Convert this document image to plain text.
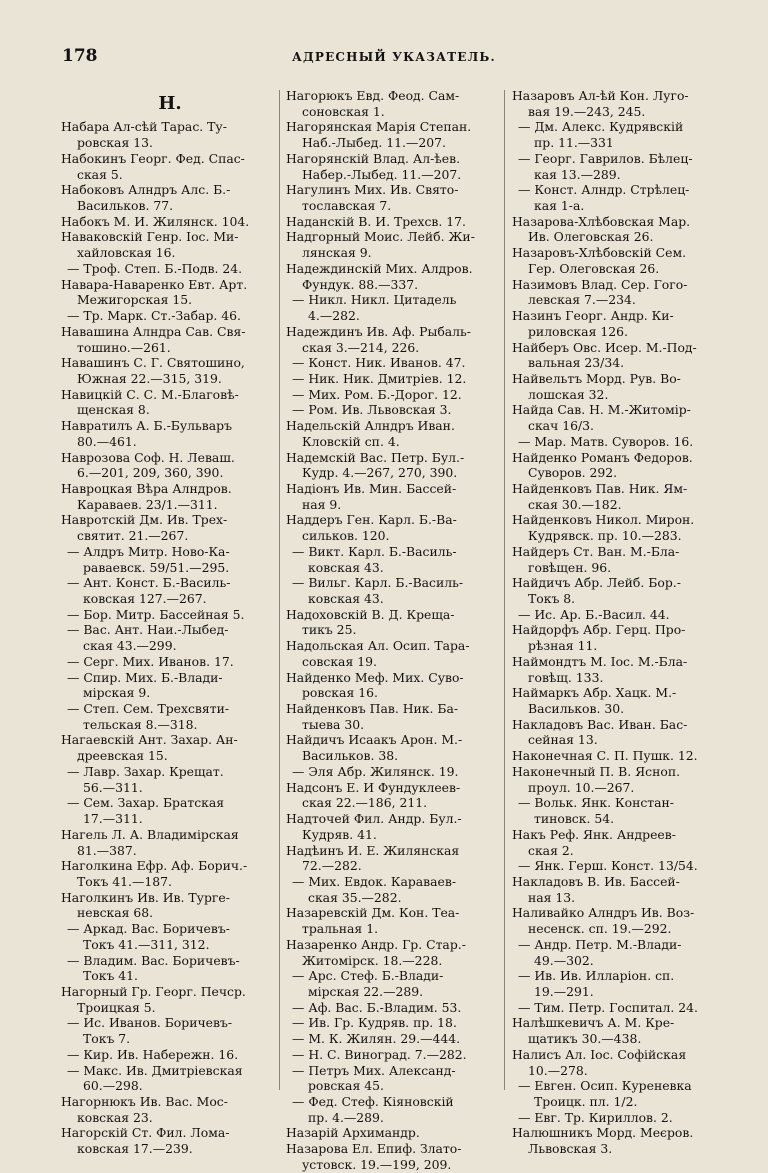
178	АДРЕСНЫЙ УКАЗАТЕЛЬ.
Н.

Набара Ал-сѣй Тарас. Ту-
ровская 13.

Набокинъ Георг. Фед. Спас-
ская 5.

Набоковъ Алндръ Алс. Б.-
Васильков. 77.

Набокъ М. И. Жилянск. 104.

Наваковскій Генр. Іос. Ми-
хайловская 16.

— Троф. Степ. Б.-Подв. 24.

Навара-Наваренко Евт. Арт.
Межигорская 15.

— Тр. Марк. Ст.-Забар. 46.

Навашина Алндра Сав. Свя-
тошино.—261.

Навашинъ С. Г. Святошино,
Южная 22.—315, 319.

Навицкій С. С. М.-Благовѣ-
щенская 8.

Навратилъ А. Б.-Бульваръ
80.—461.

Наврозова Соф. Н. Левaш.
6.—201, 209, 360, 390.

Навроцкая Вѣра Алндров.
Караваев. 23/1.—311.

Навротскій Дм. Ив. Трех-
святит. 21.—267.

— Алдръ Митр. Ново-Ка-
раваевск. 59/51.—295.

— Ант. Конст. Б.-Василь-
ковская 127.—267.

— Бор. Митр. Бассейная 5.

— Вас. Ант. Наи.-Лыбед-
ская 43.—299.

— Серг. Мих. Иванов. 17.

— Спир. Мих. Б.-Влади-
мірская 9.

— Степ. Сем. Трехсвяти-
тельская 8.—318.

Нагаевскій Ант. Захар. Ан-
дреевская 15.

— Лавр. Захар. Крещат.
56.—311.

— Сем. Захар. Братская
17.—311.

Нагель Л. А. Владимірская
81.—387.

Наголкина Ефр. Аф. Борич.-
Токъ 41.—187.

Наголкинъ Ив. Ив. Турге-
невская 68.

— Аркад. Вас. Боричевъ-
Токъ 41.—311, 312.

— Владим. Вас. Боричевъ-
Токъ 41.

Нагорный Гр. Георг. Печср.
Троицкая 5.

— Ис. Иванов. Боричевъ-
Токъ 7.

— Кир. Ив. Набережн. 16.

— Макс. Ив. Дмитріевская
60.—298.

Нагорнюкъ Ив. Вас. Мос-
ковская 23.

Нагорскій Ст. Фил. Лома-
ковская 17.—239.

Нагорюкъ Евд. Феод. Сам-
соновская 1.

Нагорянская Марія Степан.
Наб.-Лыбед. 11.—207.

Нагорянскій Влад. Ал-ѣев.
Набер.-Лыбед. 11.—207.

Нагулинъ Мих. Ив. Свято-
тославская 7.

Наданскій В. И. Трехсв. 17.

Надгорный Моис. Лейб. Жи-
лянская 9.

Надеждинскій Мих. Алдров.
Фундук. 88.—337.

— Никл. Никл. Цитадель
4.—282.

Надеждинъ Ив. Аф. Рыбаль-
ская 3.—214, 226.

— Конст. Ник. Иванов. 47.

— Ник. Ник. Дмитріев. 12.

— Мих. Ром. Б.-Дорог. 12.

— Ром. Ив. Львовская 3.

Надельскій Алндръ Иван.
Кловскій сп. 4.

Надемскій Вас. Петр. Бул.-
Кудр. 4.—267, 270, 390.

Надіонъ Ив. Мин. Бассей-
ная 9.

Наддеръ Ген. Карл. Б.-Ва-
сильков. 120.

— Викт. Карл. Б.-Василь-
ковская 43.

— Вильг. Карл. Б.-Василь-
ковская 43.

Надоховскій В. Д. Крещa-
тикъ 25.

Надольская Ал. Осип. Тара-
совская 19.

Найденко Меф. Мих. Суво-
ровская 16.

Найденковъ Пав. Ник. Ба-
тыева 30.

Найдичъ Исаакъ Арон. М.-
Васильков. 38.

— Эля Абр. Жилянск. 19.

Надсонъ Е. И Фундуклеев-
ская 22.—186, 211.

Надточей Фил. Андр. Бул.-
Кудряв. 41.

Надѣинъ И. Е. Жилянская
72.—282.

— Мих. Евдок. Караваев-
ская 35.—282.

Назаревскій Дм. Кон. Теа-
тральная 1.

Назаренко Андр. Гр. Стар.-
Житомірск. 18.—228.

— Арс. Стеф. Б.-Влади-
мірская 22.—289.

— Аф. Вас. Б.-Владим. 53.

— Ив. Гр. Кудряв. пр. 18.

— М. К. Жилян. 29.—444.

— Н. С. Виноград. 7.—282.

— Петръ Мих. Александ-
ровская 45.

— Фед. Стеф. Кіяновскій
пр. 4.—289.

Назарій Архимандр.

Назарова Ел. Епиф. Злато-
устовск. 19.—199, 209.

Назаровъ Ал-ѣй Кон. Луго-
вая 19.—243, 245.

— Дм. Алекс. Кудрявскій
пр. 11.—331

— Георг. Гаврилов. Бѣлец-
кая 13.—289.

— Конст. Алндр. Стрѣлец-
кая 1-а.

Назарова-Хлѣбовская Мар.
Ив. Олеговская 26.

Назаровъ-Хлѣбовскій Сем.
Гер. Олеговская 26.

Назимовъ Влад. Сер. Гого-
левская 7.—234.

Назинъ Георг. Андр. Ки-
риловская 126.

Найберъ Овс. Исер. М.-Под-
вальная 23/34.

Найвельтъ Морд. Рув. Во-
лошская 32.

Найда Сав. Н. М.-Житомір-
скач 16/3.

— Мар. Матв. Суворов. 16.

Найденко Романъ Федоров.
Суворов. 292.

Найденковъ Пав. Ник. Ям-
ская 30.—182.

Найденковъ Никол. Мирон.
Кудрявск. пр. 10.—283.

Найдеръ Ст. Ван. М.-Бла-
говѣщен. 96.

Найдичъ Абр. Лейб. Бор.-
Токъ 8.

— Ис. Ар. Б.-Васил. 44.

Найдорфъ Абр. Герц. Про-
рѣзная 11.

Наймондтъ М. Іос. М.-Бла-
говѣщ. 133.

Наймаркъ Абр. Хацк. М.-
Васильков. 30.

Накладовъ Вас. Иван. Бас-
сейная 13.

Наконечная С. П. Пушк. 12.

Наконечный П. В. Ясноп.
проул. 10.—267.

— Вольк. Янк. Констан-
тиновск. 54.

Накъ Реф. Янк. Андреев-
ская 2.

— Янк. Герш. Конст. 13/54.

Накладовъ В. Ив. Бассей-
ная 13.

Наливайко Алндръ Ив. Воз-
несенск. сп. 19.—292.

— Андр. Петр. М.-Влади-
49.—302.

— Ив. Ив. Илларіон. сп.
19.—291.

— Тим. Петр. Госпитал. 24.

Налѣшкевичъ А. М. Кре-
щатикъ 30.—438.

Налисъ Ал. Іос. Софійская
10.—278.

— Евген. Осип. Куреневка
Троицк. пл. 1/2.

— Евг. Тр. Кириллов. 2.

Налюшникъ Морд. Меєров.
Львовская 3.
